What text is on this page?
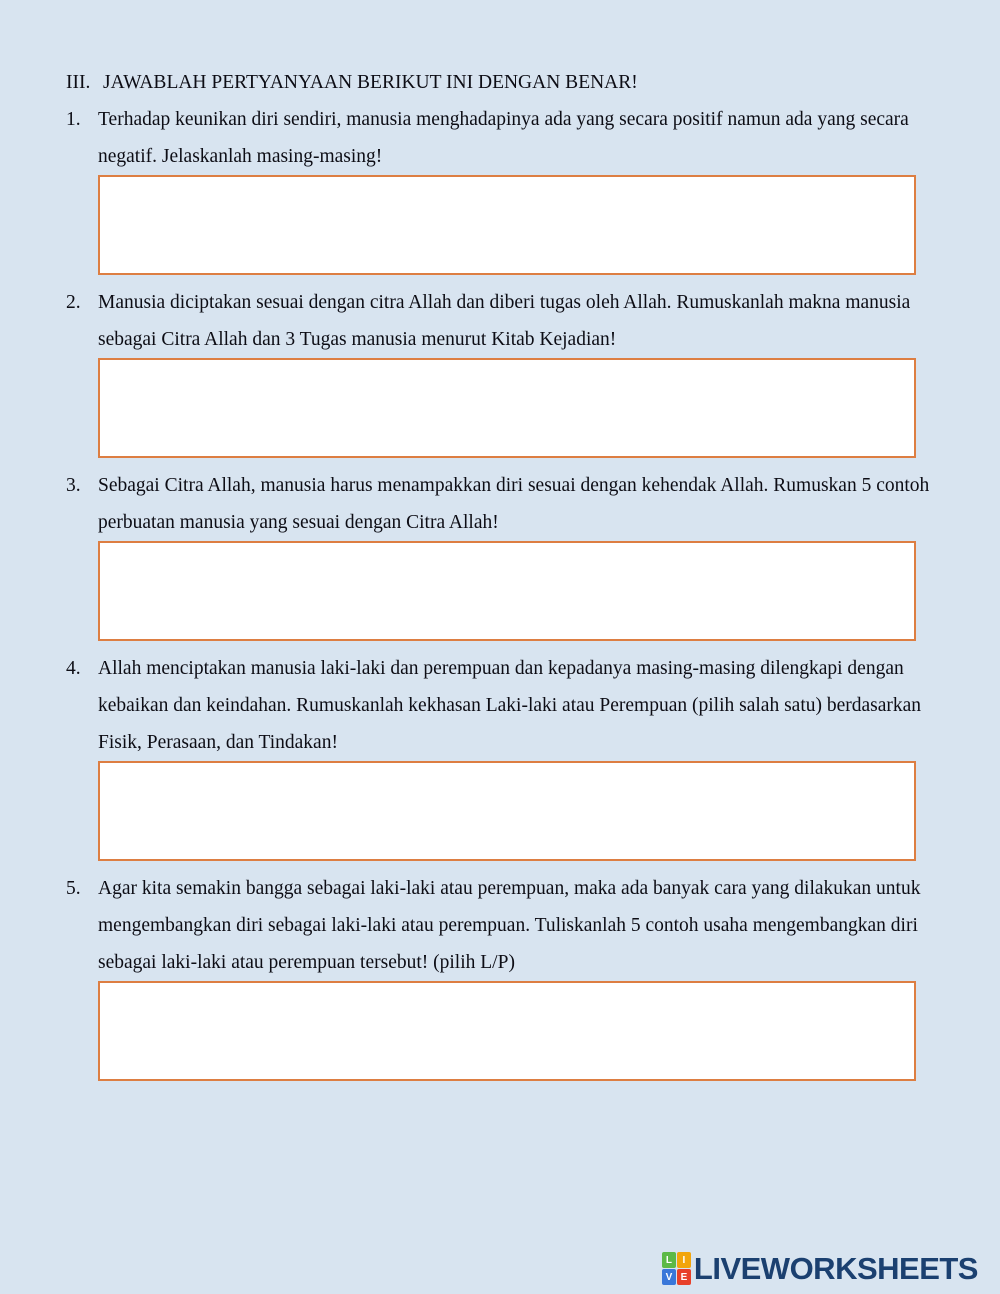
III. JAWABLAH PERTYANYAAN BERIKUT INI DENGAN BENAR!
1. Terhadap keunikan diri sendiri, manusia menghadapinya ada yang secara positif namun ada yang secara negatif. Jelaskanlah masing-masing!

2. Manusia diciptakan sesuai dengan citra Allah dan diberi tugas oleh Allah. Rumuskanlah makna manusia sebagai Citra Allah dan 3 Tugas manusia menurut Kitab Kejadian!

3. Sebagai Citra Allah, manusia harus menampakkan diri sesuai dengan kehendak Allah. Rumuskan 5 contoh perbuatan manusia yang sesuai dengan Citra Allah!

4. Allah menciptakan manusia laki-laki dan perempuan dan kepadanya masing-masing dilengkapi dengan kebaikan dan keindahan. Rumuskanlah kekhasan Laki-laki atau Perempuan (pilih salah satu) berdasarkan Fisik, Perasaan, dan Tindakan!

5. Agar kita semakin bangga sebagai laki-laki atau perempuan, maka ada banyak cara yang dilakukan untuk mengembangkan diri sebagai laki-laki atau perempuan. Tuliskanlah 5 contoh usaha mengembangkan diri sebagai laki-laki atau perempuan tersebut! (pilih L/P)

L	I
V E LIVEWORKSHEETS
